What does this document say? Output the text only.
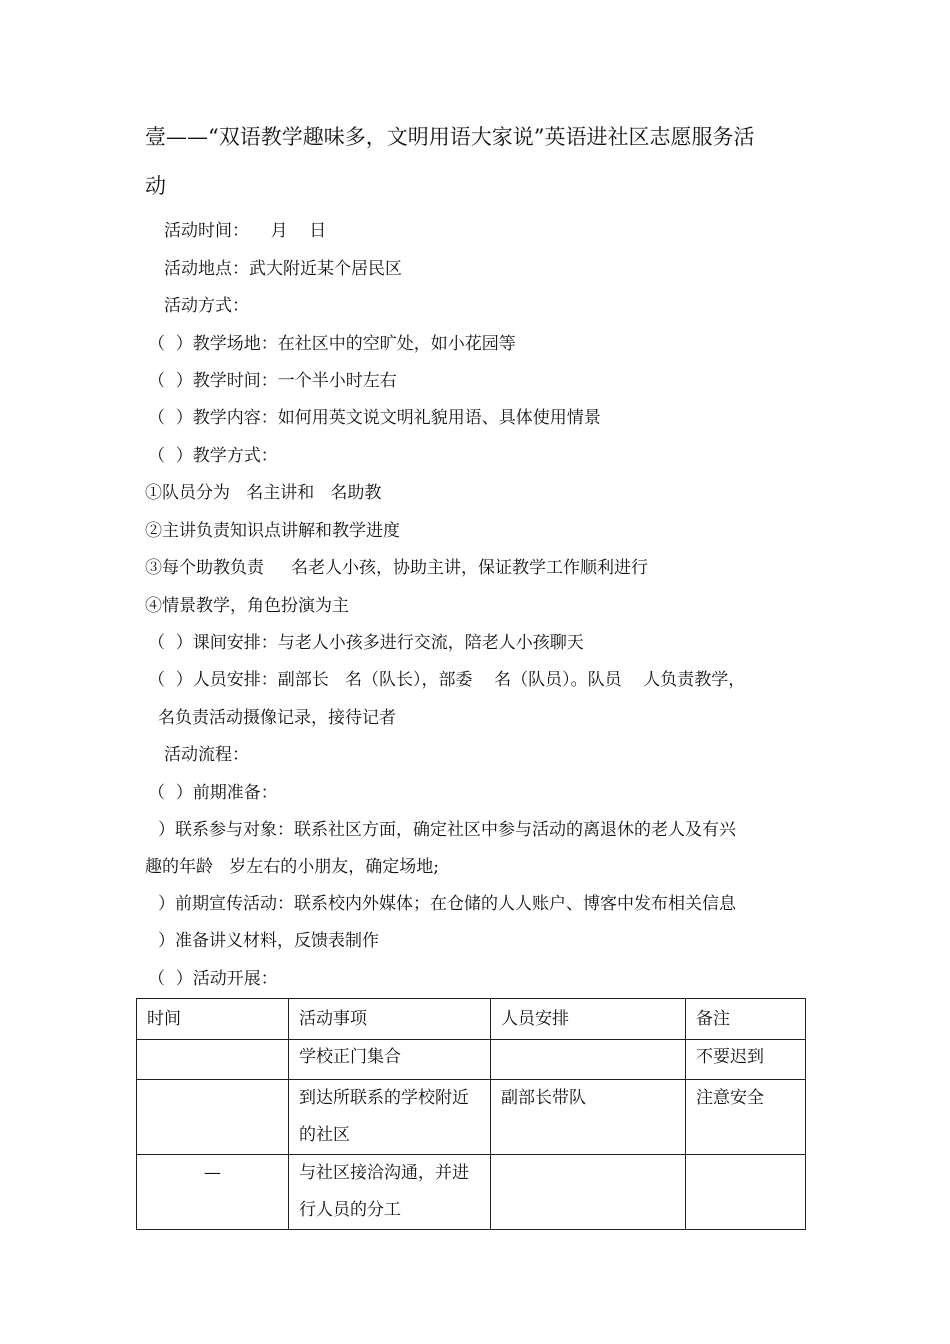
壹——“双语教学趣味多，文明用语大家说”英语进社区志愿服务活
动
活动时间：    月    日
活动地点：武大附近某个居民区
活动方式：
（  ）教学场地：在社区中的空旷处，如小花园等
（  ）教学时间：一个半小时左右
（  ）教学内容：如何用英文说文明礼貌用语、具体使用情景
（  ）教学方式：
①队员分为   名主讲和   名助教
②主讲负责知识点讲解和教学进度
③每个助教负责     名老人小孩，协助主讲，保证教学工作顺利进行
④情景教学，角色扮演为主
（  ）课间安排：与老人小孩多进行交流，陪老人小孩聊天
（  ）人员安排：副部长   名（队长），部委    名（队员）。队员    人负责教学，
名负责活动摄像记录，接待记者
活动流程：
（  ）前期准备：
）联系参与对象：联系社区方面，确定社区中参与活动的离退休的老人及有兴
趣的年龄   岁左右的小朋友，确定场地;
）前期宣传活动：联系校内外媒体；在仓储的人人账户、博客中发布相关信息
）准备讲义材料，反馈表制作
（  ）活动开展：
时间	活动事项	人员安排	备注
	学校正门集合		不要迟到
	到达所联系的学校附近的社区	副部长带队	注意安全
—	与社区接洽沟通，并进行人员的分工		
